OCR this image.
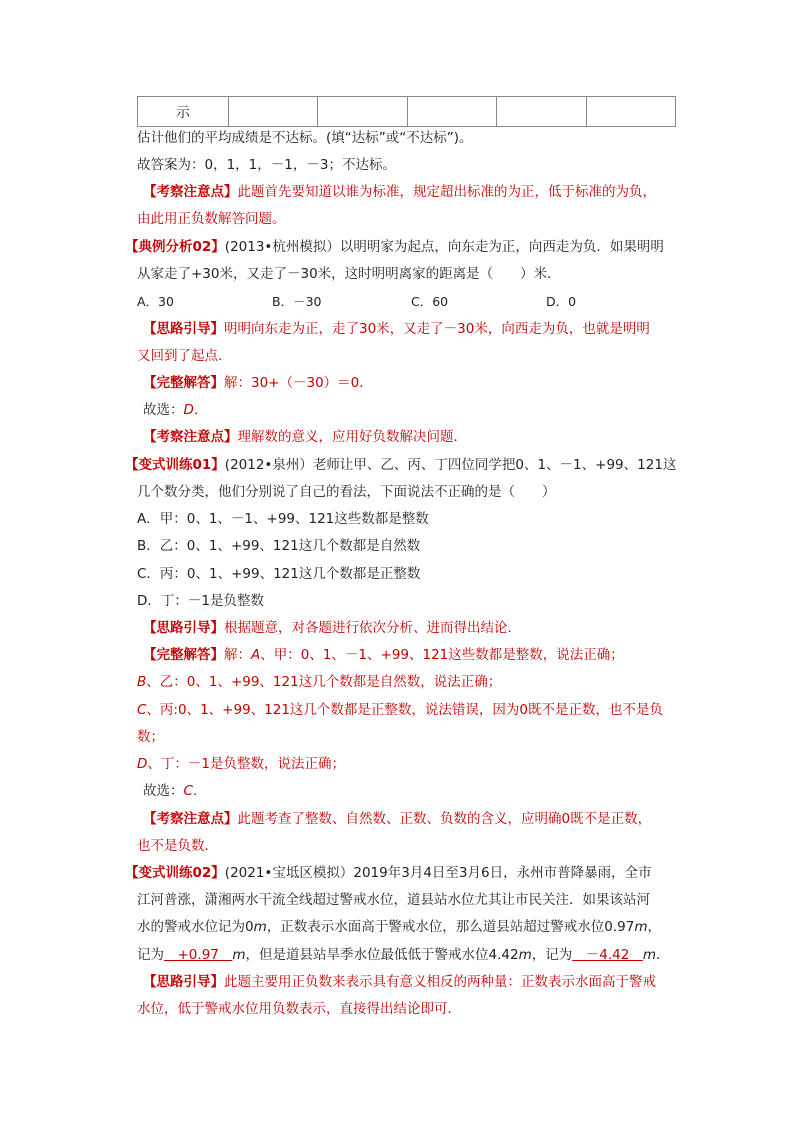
示					
估计他们的平均成绩是不达标。(填“达标”或“不达标”)。
故答案为：0，1，1，－1，－3；不达标。
【考察注意点】此题首先要知道以谁为标准，规定超出标准的为正，低于标准的为负，
由此用正负数解答问题。
【典例分析02】(2013•杭州模拟）以明明家为起点，向东走为正，向西走为负．如果明明
从家走了+30米，又走了－30米，这时明明离家的距离是（　　）米．
A．30	B．－30	C．60	D．0
【思路引导】明明向东走为正，走了30米，又走了－30米，向西走为负，也就是明明
又回到了起点．
【完整解答】解：30+（－30）＝0．
故选：D．
【考察注意点】理解数的意义，应用好负数解决问题．
【变式训练01】(2012•泉州）老师让甲、乙、丙、丁四位同学把0、1、－1、+99、121这
几个数分类，他们分别说了自己的看法，下面说法不正确的是（　　）
A．甲：0、1、－1、+99、121这些数都是整数
B．乙：0、1、+99、121这几个数都是自然数
C．丙：0、1、+99、121这几个数都是正整数
D．丁：－1是负整数
【思路引导】根据题意，对各题进行依次分析、进而得出结论．
【完整解答】解：A、甲：0、1、－1、+99、121这些数都是整数，说法正确；
B、乙：0、1、+99、121这几个数都是自然数，说法正确；
C、丙:0、1、+99、121这几个数都是正整数，说法错误，因为0既不是正数，也不是负
数；
D、丁：－1是负整数，说法正确；
故选：C．
【考察注意点】此题考查了整数、自然数、正数、负数的含义，应明确0既不是正数，
也不是负数．
【变式训练02】(2021•宝坻区模拟）2019年3月4日至3月6日，永州市普降暴雨，全市
江河普涨，潇湘两水干流全线超过警戒水位，道县站水位尤其让市民关注．如果该站河
水的警戒水位记为0m，正数表示水面高于警戒水位，那么道县站超过警戒水位0.97m，
记为　+0.97　m，但是道县站旱季水位最低低于警戒水位4.42m，记为　－4.42　m．
【思路引导】此题主要用正负数来表示具有意义相反的两种量：正数表示水面高于警戒
水位，低于警戒水位用负数表示，直接得出结论即可．
